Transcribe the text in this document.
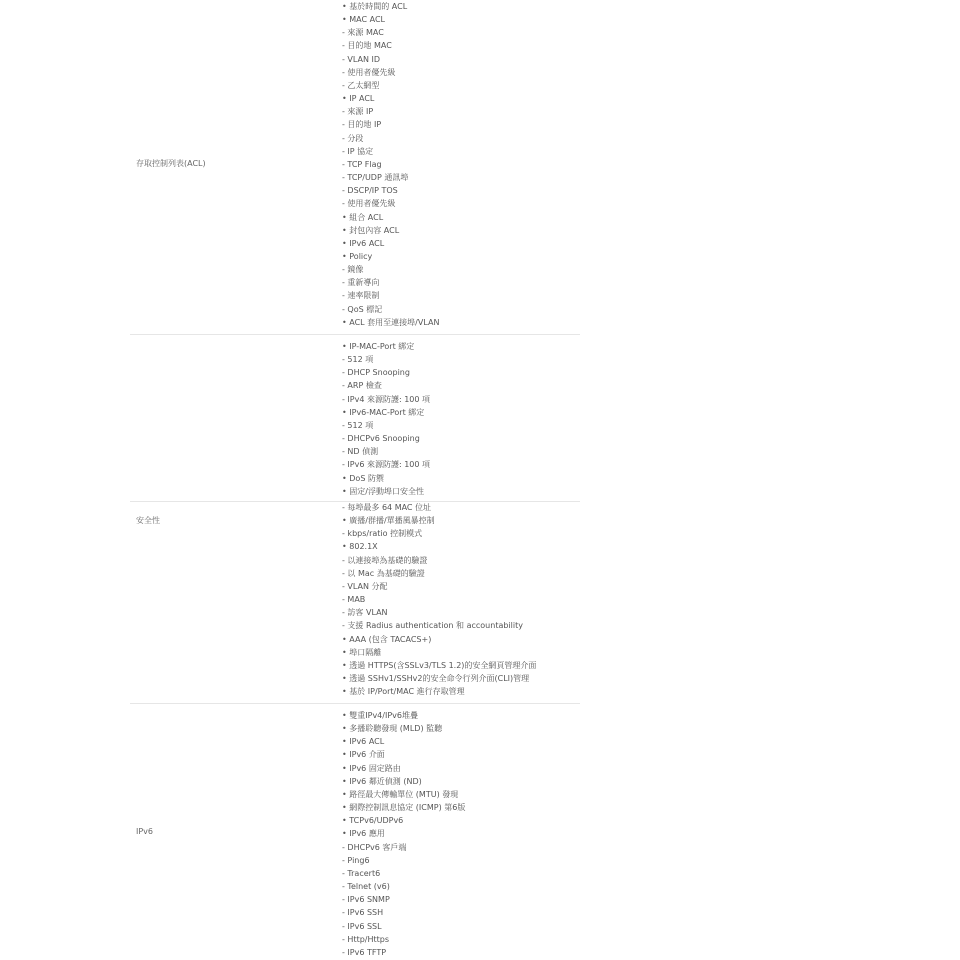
存取控制列表(ACL)
• 基於時間的 ACL
• MAC ACL
- 來源 MAC
- 目的地 MAC
- VLAN ID
- 使用者優先級
- 乙太網型
• IP ACL
- 來源 IP
- 目的地 IP
- 分段
- IP 協定
- TCP Flag
- TCP/UDP 通訊埠
- DSCP/IP TOS
- 使用者優先級
• 組合 ACL
• 封包內容 ACL
• IPv6 ACL
• Policy
- 鏡像
- 重新導向
- 速率限制
- QoS 標記
• ACL 套用至連接埠/VLAN
• IP-MAC-Port 綁定
- 512 項
- DHCP Snooping
- ARP 檢查
- IPv4 來源防護: 100 項
• IPv6-MAC-Port 綁定
- 512 項
- DHCPv6 Snooping
- ND 偵測
- IPv6 來源防護: 100 項
• DoS 防禦
• 固定/浮動埠口安全性
安全性
- 每埠最多 64 MAC 位址
• 廣播/群播/單播風暴控制
- kbps/ratio 控制模式
• 802.1X
- 以連接埠為基礎的驗證
- 以 Mac 為基礎的驗證
- VLAN 分配
- MAB
- 訪客 VLAN
- 支援 Radius authentication 和 accountability
• AAA (包含 TACACS+)
• 埠口隔離
• 透過 HTTPS(含SSLv3/TLS 1.2)的安全網頁管理介面
• 透過 SSHv1/SSHv2的安全命令行列介面(CLI)管理
• 基於 IP/Port/MAC 進行存取管理
IPv6
• 雙重IPv4/IPv6堆疊
• 多播聆聽發現 (MLD) 監聽
• IPv6 ACL
• IPv6 介面
• IPv6 固定路由
• IPv6 鄰近偵測 (ND)
• 路徑最大傳輸單位 (MTU) 發現
• 網際控制訊息協定 (ICMP) 第6版
• TCPv6/UDPv6
• IPv6 應用
- DHCPv6 客戶端
- Ping6
- Tracert6
- Telnet (v6)
- IPv6 SNMP
- IPv6 SSH
- IPv6 SSL
- Http/Https
- IPv6 TFTP
